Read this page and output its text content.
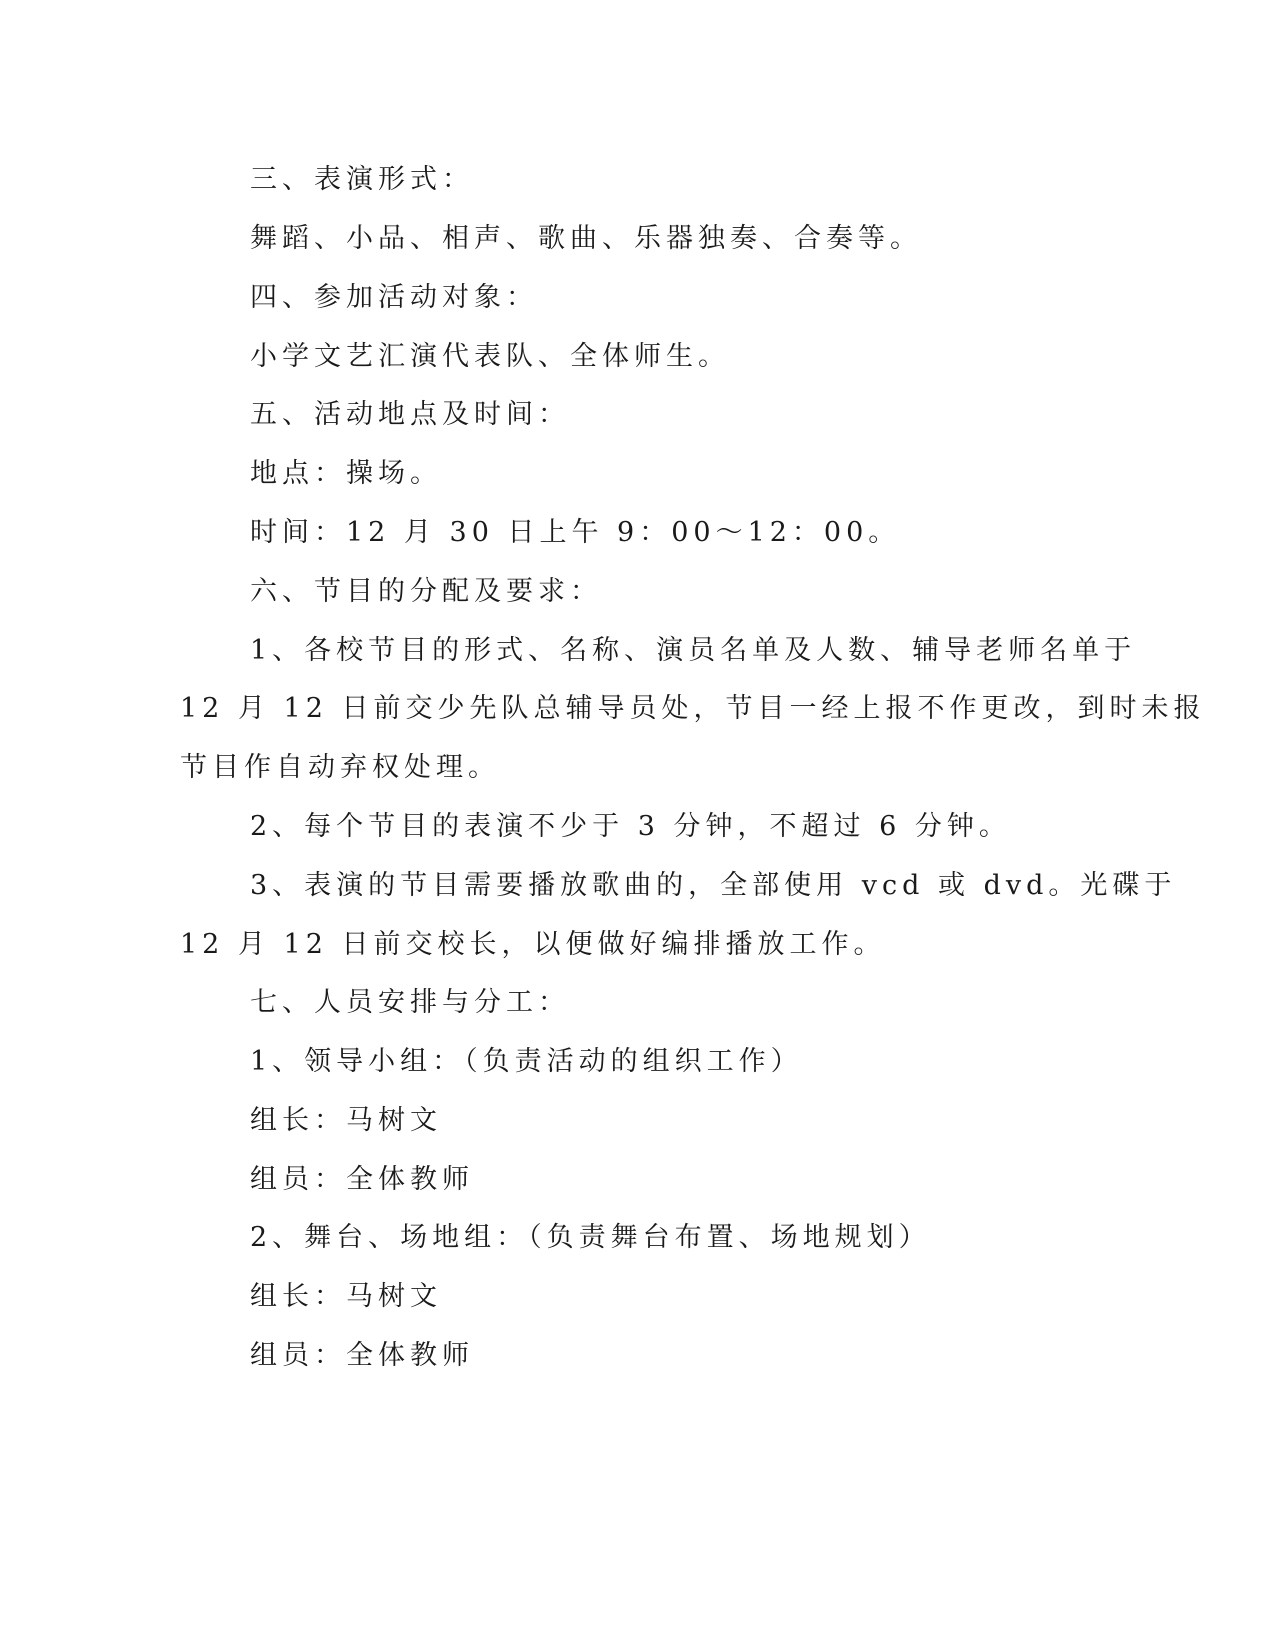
三、表演形式：

舞蹈、小品、相声、歌曲、乐器独奏、合奏等。

四、参加活动对象：

小学文艺汇演代表队、全体师生。

五、活动地点及时间：

地点：操场。

时间：12 月 30 日上午 9：00～12：00。

六、节目的分配及要求：

1、各校节目的形式、名称、演员名单及人数、辅导老师名单于

12 月 12 日前交少先队总辅导员处，节目一经上报不作更改，到时未报

节目作自动弃权处理。

2、每个节目的表演不少于 3 分钟，不超过 6 分钟。

3、表演的节目需要播放歌曲的，全部使用 vcd 或 dvd。光碟于

12 月 12 日前交校长，以便做好编排播放工作。

七、人员安排与分工：

1、领导小组：（负责活动的组织工作）

组长：马树文

组员：全体教师

2、舞台、场地组：（负责舞台布置、场地规划）

组长：马树文

组员：全体教师
